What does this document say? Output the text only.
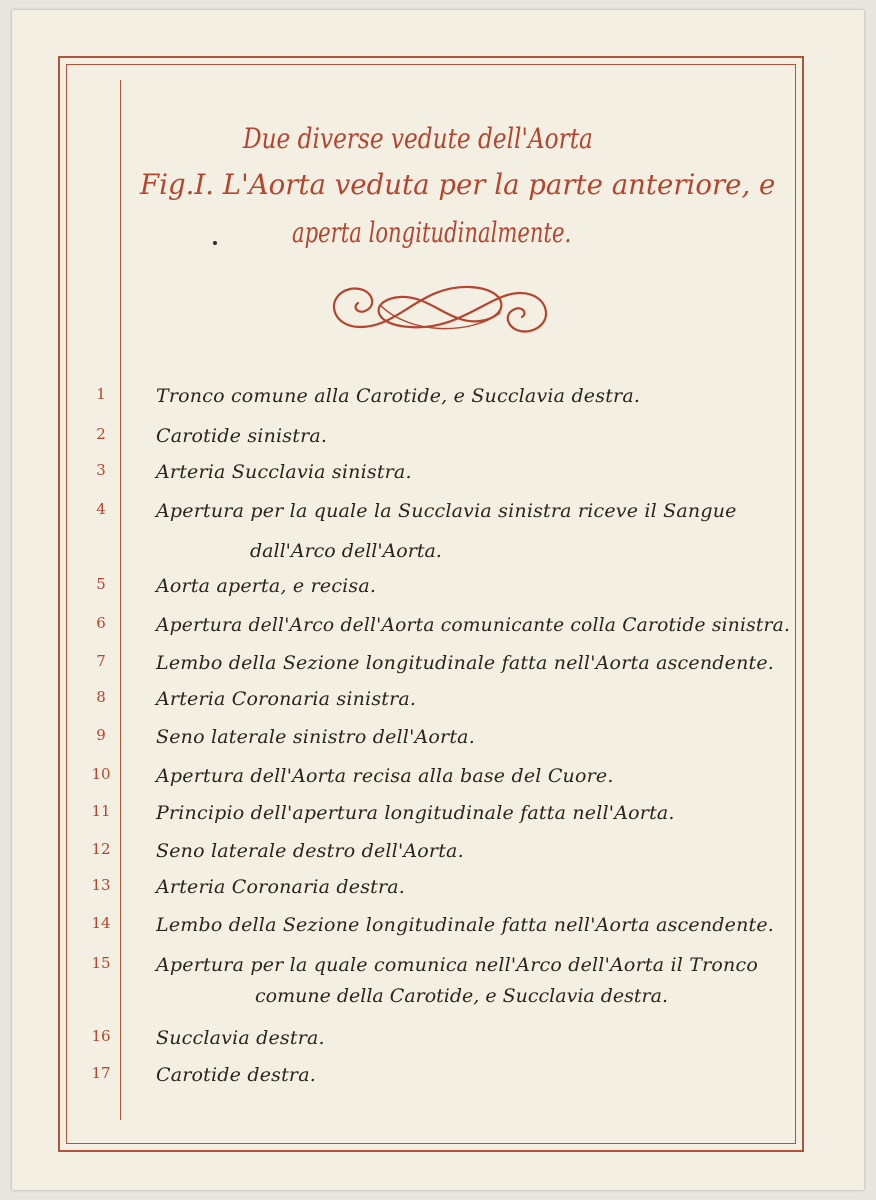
Due diverse vedute dell'Aorta
Fig.I. L'Aorta veduta per la parte anteriore, e
aperta longitudinalmente.
1	Tronco comune alla Carotide, e Succlavia destra.
2	Carotide sinistra.
3	Arteria Succlavia sinistra.
4	Apertura per la quale la Succlavia sinistra riceve il Sangue
dall'Arco dell'Aorta.
5	Aorta aperta, e recisa.
6	Apertura dell'Arco dell'Aorta comunicante colla Carotide sinistra.
7	Lembo della Sezione longitudinale fatta nell'Aorta ascendente.
8	Arteria Coronaria sinistra.
9	Seno laterale sinistro dell'Aorta.
10 Apertura dell'Aorta recisa alla base del Cuore.
11 Principio dell'apertura longitudinale fatta nell'Aorta.
12 Seno laterale destro dell'Aorta.
13 Arteria Coronaria destra.
14 Lembo della Sezione longitudinale fatta nell'Aorta ascendente.
15 Apertura per la quale comunica nell'Arco dell'Aorta il Tronco
comune della Carotide, e Succlavia destra.
16 Succlavia destra.
17 Carotide destra.
